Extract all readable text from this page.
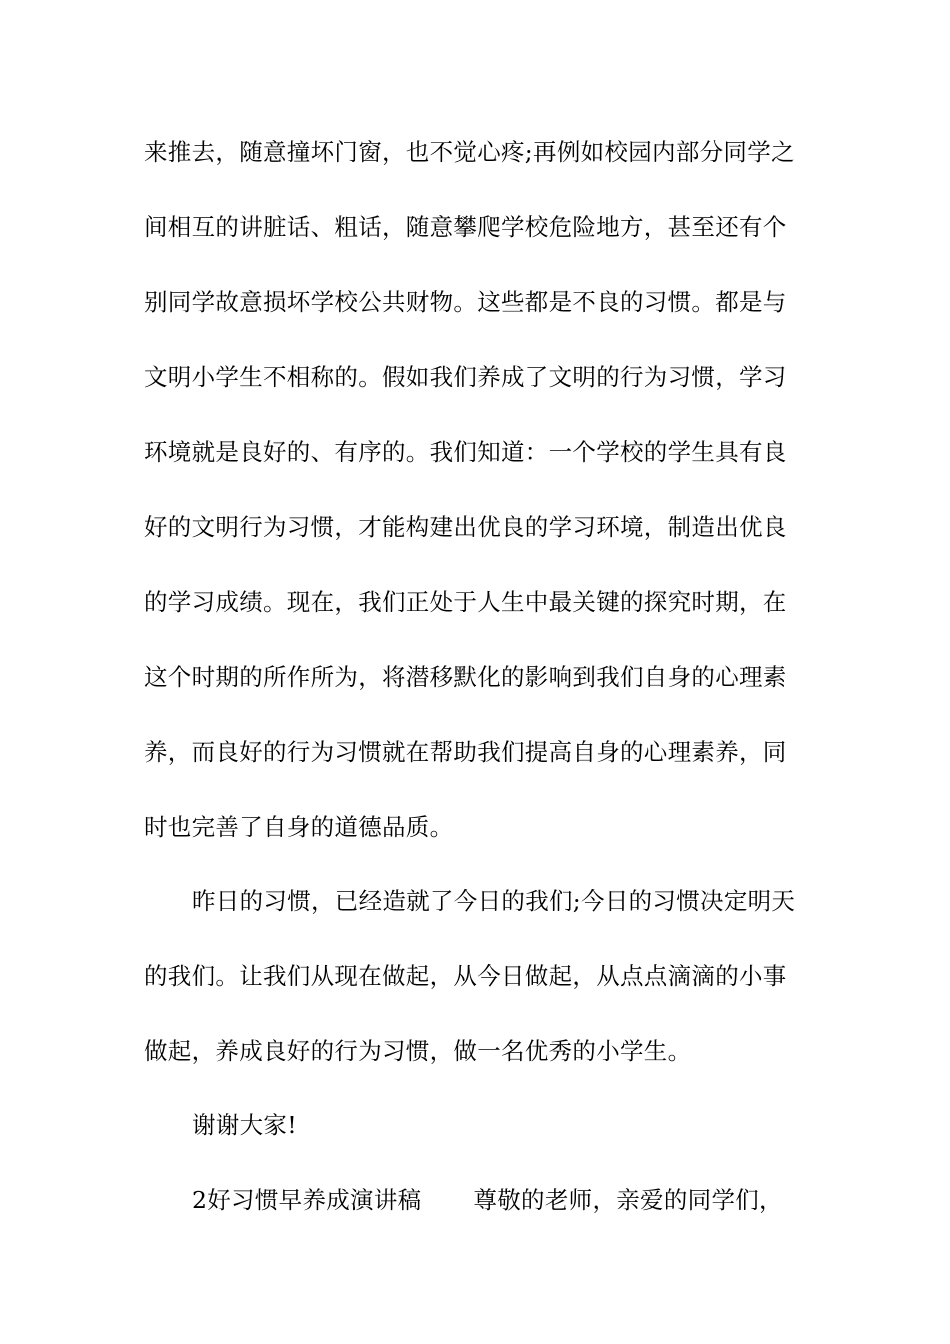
来推去，随意撞坏门窗，也不觉心疼;再例如校园内部分同学之
间相互的讲脏话、粗话，随意攀爬学校危险地方，甚至还有个
别同学故意损坏学校公共财物。这些都是不良的习惯。都是与
文明小学生不相称的。假如我们养成了文明的行为习惯，学习
环境就是良好的、有序的。我们知道：一个学校的学生具有良
好的文明行为习惯，才能构建出优良的学习环境，制造出优良
的学习成绩。现在，我们正处于人生中最关键的探究时期，在
这个时期的所作所为，将潜移默化的影响到我们自身的心理素
养，而良好的行为习惯就在帮助我们提高自身的心理素养，同
时也完善了自身的道德品质。
昨日的习惯，已经造就了今日的我们;今日的习惯决定明天
的我们。让我们从现在做起，从今日做起，从点点滴滴的小事
做起，养成良好的行为习惯，做一名优秀的小学生。
谢谢大家!
2好习惯早养成演讲稿 尊敬的老师，亲爱的同学们，
